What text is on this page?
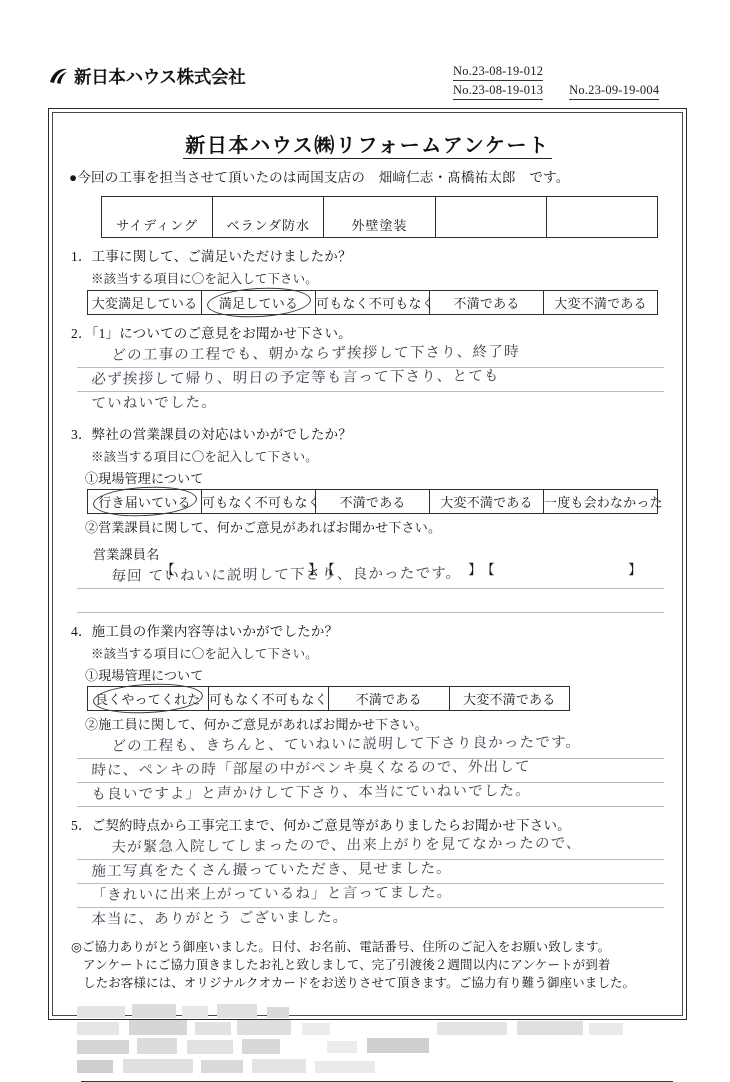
新日本ハウス株式会社	No.23-08-19-012
No.23-08-19-013 No.23-09-19-004
新日本ハウス㈱リフォームアンケート
●今回の工事を担当させて頂いたのは両国支店の　畑﨑仁志・髙橋祐太郎　です。
サイディング	ベランダ防水	外壁塗装		
1．工事に関して、ご満足いただけましたか？
※該当する項目に〇を記入して下さい。
大変満足している	満足している	可もなく不可もなく	不満である	大変不満である
2．「1」についてのご意見をお聞かせ下さい。
どの工事の工程でも、朝かならず挨拶して下さり、終了時
必ず挨拶して帰り、明日の予定等も言って下さり、とても
ていねいでした。
3．弊社の営業課員の対応はいかがでしたか？
※該当する項目に〇を記入して下さい。
①現場管理について
行き届いている	可もなく不可もなく	不満である	大変不満である	一度も会わなかった
②営業課員に関して、何かご意見があればお聞かせ下さい。
営業課員名
毎回 ていねいに説明して下さり、良かったです。
4．施工員の作業内容等はいかがでしたか？
※該当する項目に〇を記入して下さい。
①現場管理について
良くやってくれた	可もなく不可もなく	不満である	大変不満である
②施工員に関して、何かご意見があればお聞かせ下さい。
どの工程も、きちんと、ていねいに説明して下さり良かったです。
時に、ペンキの時「部屋の中がペンキ臭くなるので、外出して
も良いですよ」と声かけして下さり、本当にていねいでした。
5．ご契約時点から工事完工まで、何かご意見等がありましたらお聞かせ下さい。
夫が緊急入院してしまったので、出来上がりを見てなかったので、
施工写真をたくさん撮っていただき、見せました。
「きれいに出来上がっているね」と言ってました。
本当に、ありがとう ございました。
◎ご協力ありがとう御座いました。日付、お名前、電話番号、住所のご記入をお願い致します。
アンケートにご協力頂きましたお礼と致しまして、完了引渡後２週間以内にアンケートが到着
したお客様には、オリジナルクオカードをお送りさせて頂きます。ご協力有り難う御座いました。
